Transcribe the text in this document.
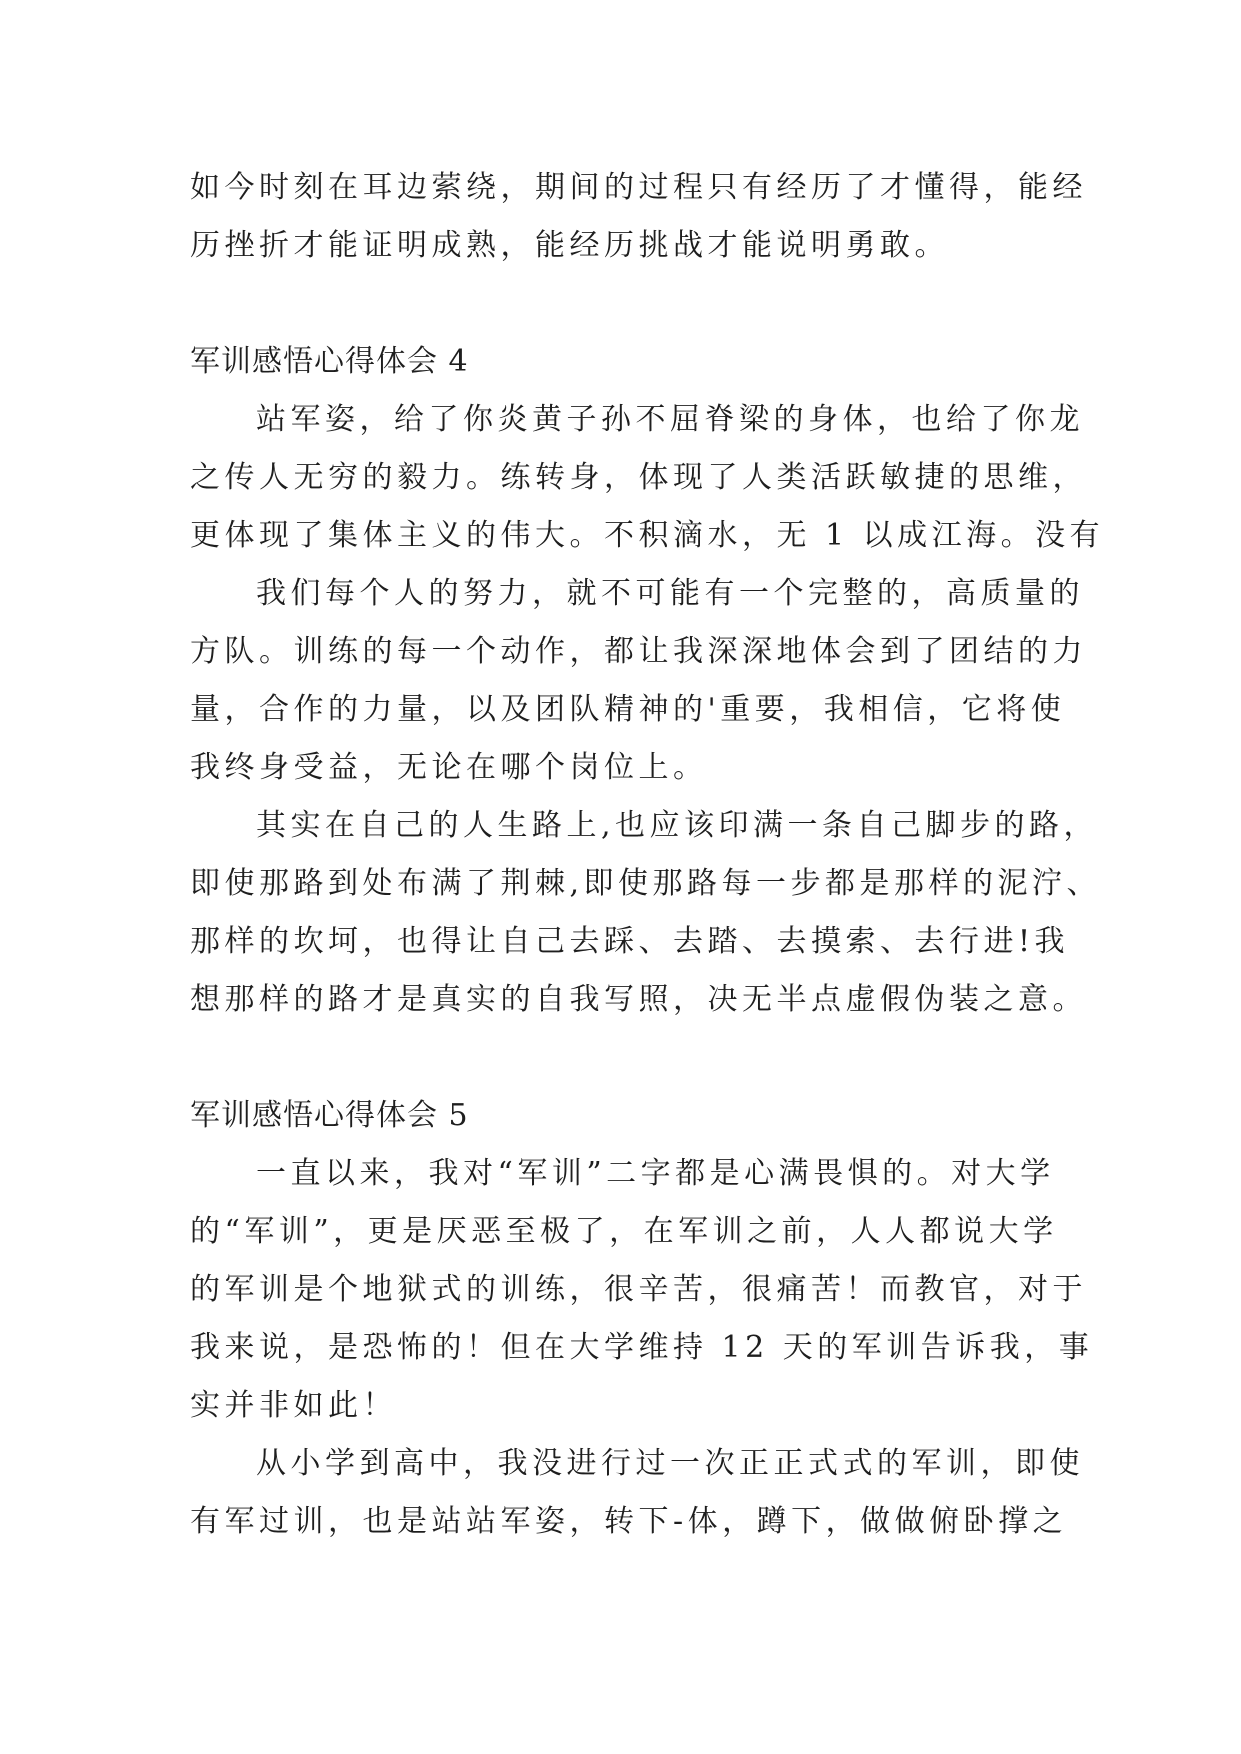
如今时刻在耳边萦绕，期间的过程只有经历了才懂得，能经
历挫折才能证明成熟，能经历挑战才能说明勇敢。
军训感悟心得体会 4
站军姿，给了你炎黄子孙不屈脊梁的身体，也给了你龙
之传人无穷的毅力。练转身，体现了人类活跃敏捷的思维，
更体现了集体主义的伟大。不积滴水，无 1 以成江海。没有
我们每个人的努力，就不可能有一个完整的，高质量的
方队。训练的每一个动作，都让我深深地体会到了团结的力
量，合作的力量，以及团队精神的'重要，我相信，它将使
我终身受益，无论在哪个岗位上。
其实在自己的人生路上,也应该印满一条自己脚步的路，
即使那路到处布满了荆棘,即使那路每一步都是那样的泥泞、
那样的坎坷，也得让自己去踩、去踏、去摸索、去行进!我
想那样的路才是真实的自我写照，决无半点虚假伪装之意。
军训感悟心得体会 5
一直以来，我对“军训”二字都是心满畏惧的。对大学
的“军训”，更是厌恶至极了，在军训之前，人人都说大学
的军训是个地狱式的训练，很辛苦，很痛苦！而教官，对于
我来说，是恐怖的！但在大学维持 12 天的军训告诉我，事
实并非如此！
从小学到高中，我没进行过一次正正式式的军训，即使
有军过训，也是站站军姿，转下-体，蹲下，做做俯卧撑之
